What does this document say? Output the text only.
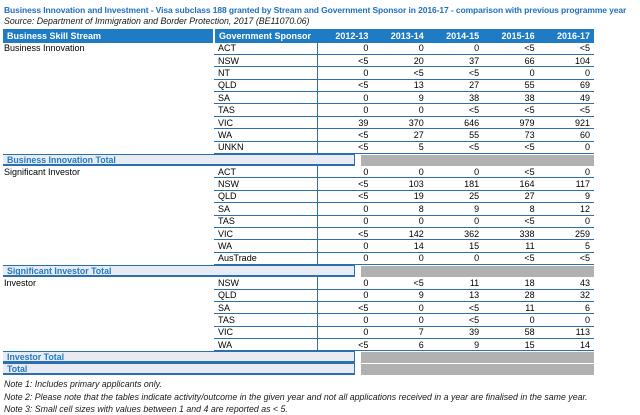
Business Innovation and Investment - Visa subclass 188 granted by Stream and Government Sponsor in 2016-17 - comparison with previous programme year
Source: Department of Immigration and Border Protection, 2017 (BE11070.06)
Business Skill Stream	Government Sponsor	2012-13	2013-14	2014-15	2015-16	2016-17
Business Innovation	ACT	0	0	0	<5	<5
	NSW	<5	20	37	66	104
	NT	0	<5	<5	0	0
	QLD	<5	13	27	55	69
	SA	0	9	38	38	49
	TAS	0	0	<5	<5	<5
	VIC	39	370	646	979	921
	WA	<5	27	55	73	60
	UNKN	<5	5	<5	<5	0

Business Innovation Total						

Significant Investor	ACT	0	0	0	<5	0
	NSW	<5	103	181	164	117
	QLD	<5	19	25	27	9
	SA	0	8	9	8	12
	TAS	0	0	0	<5	0
	VIC	<5	142	362	338	259
	WA	0	14	15	11	5
	AusTrade	0	0	0	<5	<5

Significant Investor Total						

Investor	NSW	0	<5	11	18	43
	QLD	0	9	13	28	32
	SA	<5	0	<5	11	6
	TAS	0	0	<5	0	0
	VIC	0	7	39	58	113
	WA	<5	6	9	15	14

Investor Total						

Total						
Note 1: Includes primary applicants only.
Note 2: Please note that the tables indicate activity/outcome in the given year and not all applications received in a year are finalised in the same year.
Note 3: Small cell sizes with values between 1 and 4 are reported as < 5.
